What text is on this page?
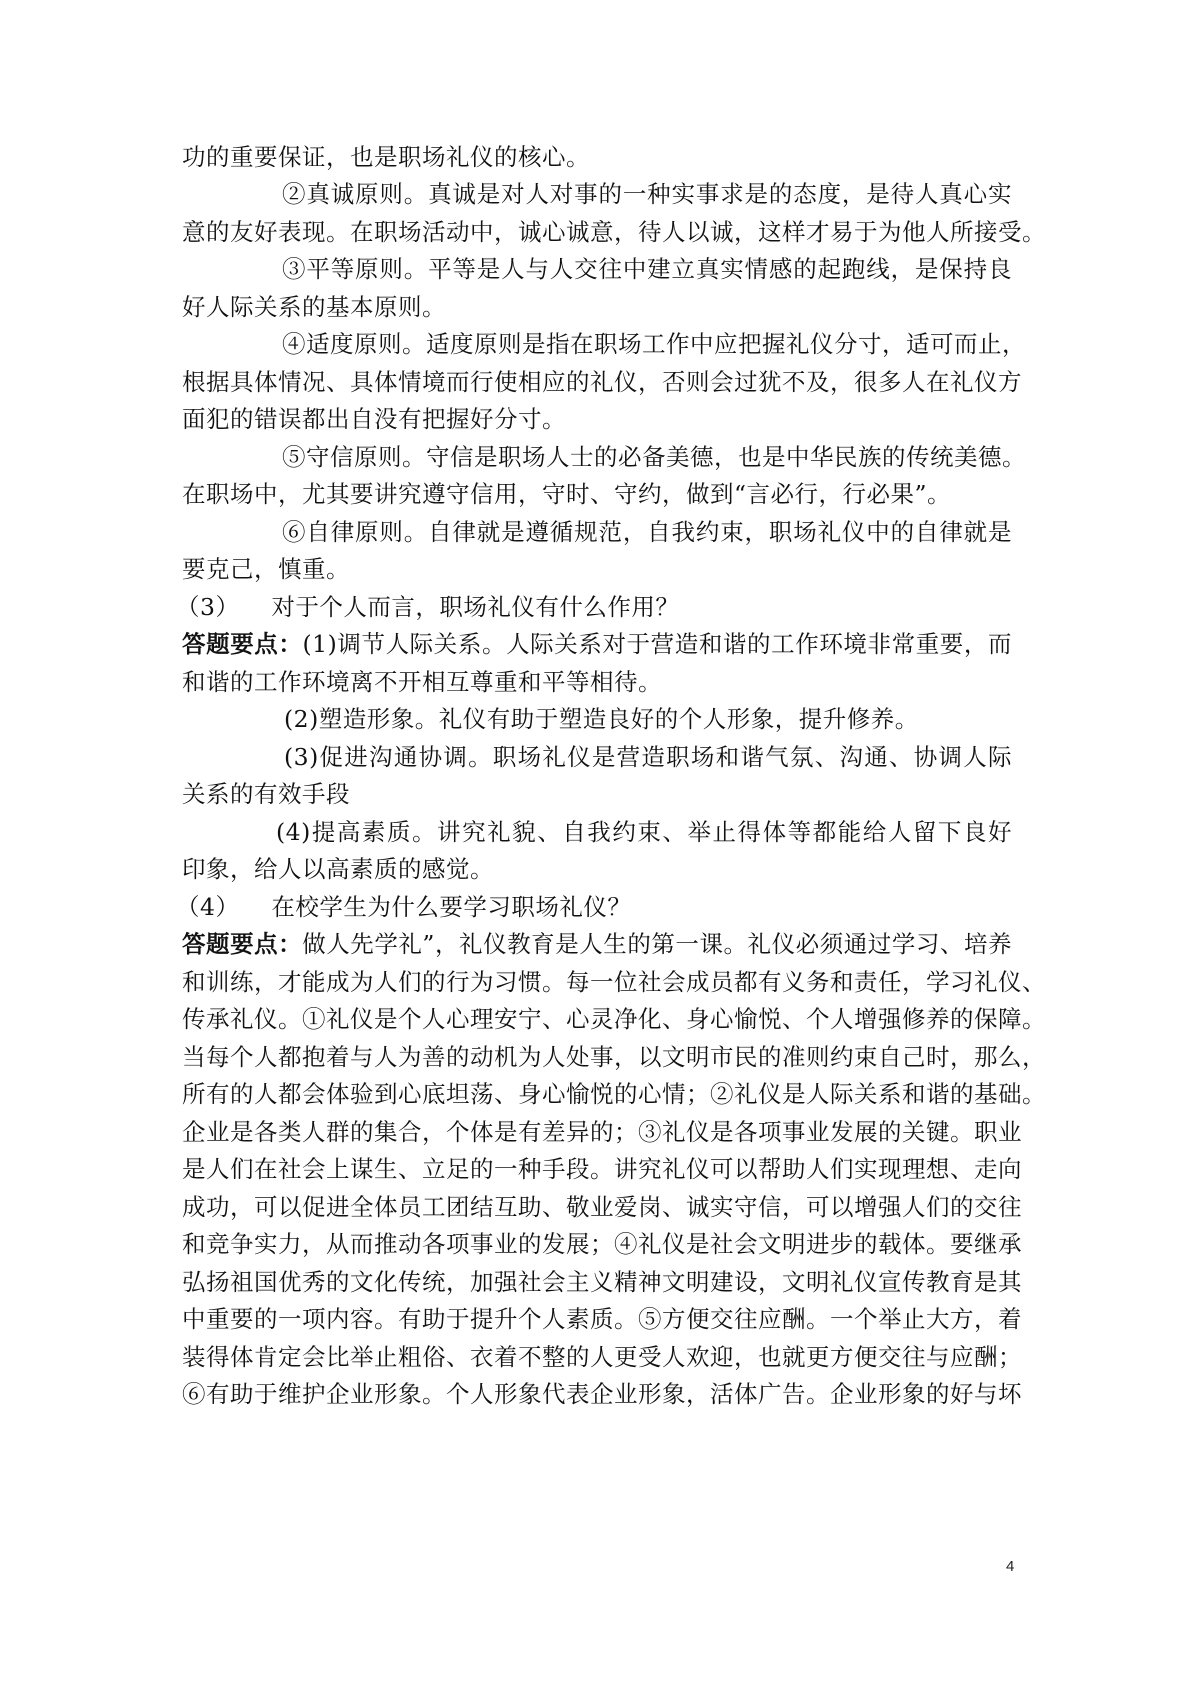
功的重要保证，也是职场礼仪的核心。
②真诚原则。真诚是对人对事的一种实事求是的态度，是待人真心实
意的友好表现。在职场活动中，诚心诚意，待人以诚，这样才易于为他人所接受。
③平等原则。平等是人与人交往中建立真实情感的起跑线，是保持良
好人际关系的基本原则。
④适度原则。适度原则是指在职场工作中应把握礼仪分寸，适可而止，
根据具体情况、具体情境而行使相应的礼仪，否则会过犹不及，很多人在礼仪方
面犯的错误都出自没有把握好分寸。
⑤守信原则。守信是职场人士的必备美德，也是中华民族的传统美德。
在职场中，尤其要讲究遵守信用，守时、守约，做到“言必行，行必果”。
⑥自律原则。自律就是遵循规范，自我约束，职场礼仪中的自律就是
要克己，慎重。
（3）    对于个人而言，职场礼仪有什么作用？
答题要点：(1)调节人际关系。人际关系对于营造和谐的工作环境非常重要，而
和谐的工作环境离不开相互尊重和平等相待。
(2)塑造形象。礼仪有助于塑造良好的个人形象，提升修养。
(3)促进沟通协调。职场礼仪是营造职场和谐气氛、沟通、协调人际
关系的有效手段
(4)提高素质。讲究礼貌、自我约束、举止得体等都能给人留下良好
印象，给人以高素质的感觉。
（4）    在校学生为什么要学习职场礼仪？
答题要点：做人先学礼”，礼仪教育是人生的第一课。礼仪必须通过学习、培养
和训练，才能成为人们的行为习惯。每一位社会成员都有义务和责任，学习礼仪、
传承礼仪。①礼仪是个人心理安宁、心灵净化、身心愉悦、个人增强修养的保障。
当每个人都抱着与人为善的动机为人处事，以文明市民的准则约束自己时，那么，
所有的人都会体验到心底坦荡、身心愉悦的心情；②礼仪是人际关系和谐的基础。
企业是各类人群的集合，个体是有差异的；③礼仪是各项事业发展的关键。职业
是人们在社会上谋生、立足的一种手段。讲究礼仪可以帮助人们实现理想、走向
成功，可以促进全体员工团结互助、敬业爱岗、诚实守信，可以增强人们的交往
和竞争实力，从而推动各项事业的发展；④礼仪是社会文明进步的载体。要继承
弘扬祖国优秀的文化传统，加强社会主义精神文明建设，文明礼仪宣传教育是其
中重要的一项内容。有助于提升个人素质。⑤方便交往应酬。一个举止大方，着
装得体肯定会比举止粗俗、衣着不整的人更受人欢迎，也就更方便交往与应酬；
⑥有助于维护企业形象。个人形象代表企业形象，活体广告。企业形象的好与坏
4
